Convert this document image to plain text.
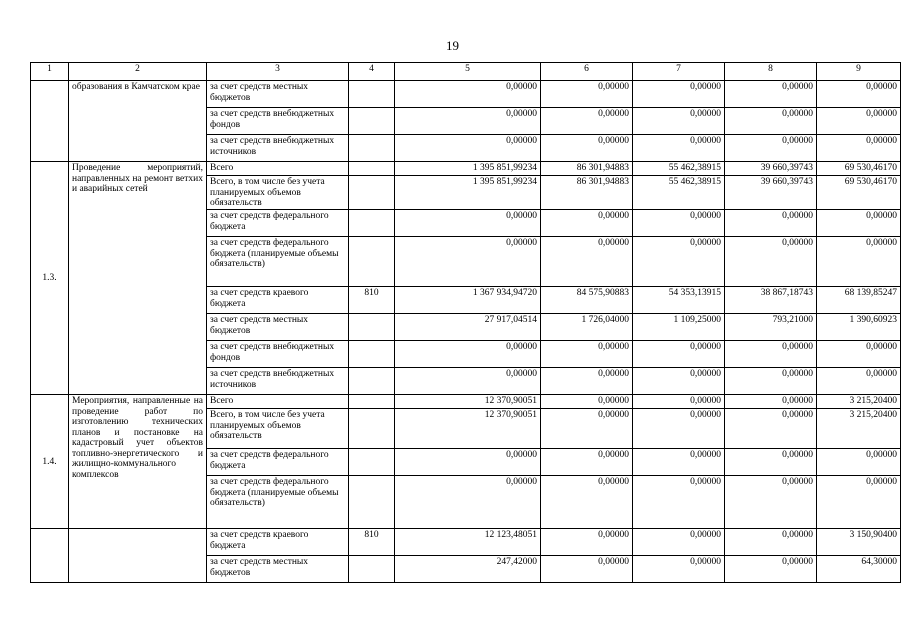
19
1	2	3	4	5	6	7	8	9
	образования в Камчатском крае	за счет средств местных бюджетов		0,00000	0,00000	0,00000	0,00000	0,00000
		за счет средств внебюджетных фондов		0,00000	0,00000	0,00000	0,00000	0,00000
		за счет средств внебюджетных источников		0,00000	0,00000	0,00000	0,00000	0,00000
1.3.	Проведение мероприятий, направленных на ремонт ветхих и аварийных сетей	Всего		1 395 851,99234	86 301,94883	55 462,38915	39 660,39743	69 530,46170
		Всего, в том числе без учета планируемых объемов обязательств		1 395 851,99234	86 301,94883	55 462,38915	39 660,39743	69 530,46170
		за счет средств федерального бюджета		0,00000	0,00000	0,00000	0,00000	0,00000
		за счет средств федерального бюджета (планируемые объемы обязательств)		0,00000	0,00000	0,00000	0,00000	0,00000
		за счет средств краевого бюджета	810	1 367 934,94720	84 575,90883	54 353,13915	38 867,18743	68 139,85247
		за счет средств местных бюджетов		27 917,04514	1 726,04000	1 109,25000	793,21000	1 390,60923
		за счет средств внебюджетных фондов		0,00000	0,00000	0,00000	0,00000	0,00000
		за счет средств внебюджетных источников		0,00000	0,00000	0,00000	0,00000	0,00000
1.4.	Мероприятия, направленные на проведение работ по изготовлению технических планов и постановке на кадастровый учет объектов топливно-энергетического и жилищно-коммунального комплексов	Всего		12 370,90051	0,00000	0,00000	0,00000	3 215,20400
		Всего, в том числе без учета планируемых объемов обязательств		12 370,90051	0,00000	0,00000	0,00000	3 215,20400
		за счет средств федерального бюджета		0,00000	0,00000	0,00000	0,00000	0,00000
		за счет средств федерального бюджета (планируемые объемы обязательств)		0,00000	0,00000	0,00000	0,00000	0,00000
		за счет средств краевого бюджета	810	12 123,48051	0,00000	0,00000	0,00000	3 150,90400
		за счет средств местных бюджетов		247,42000	0,00000	0,00000	0,00000	64,30000
